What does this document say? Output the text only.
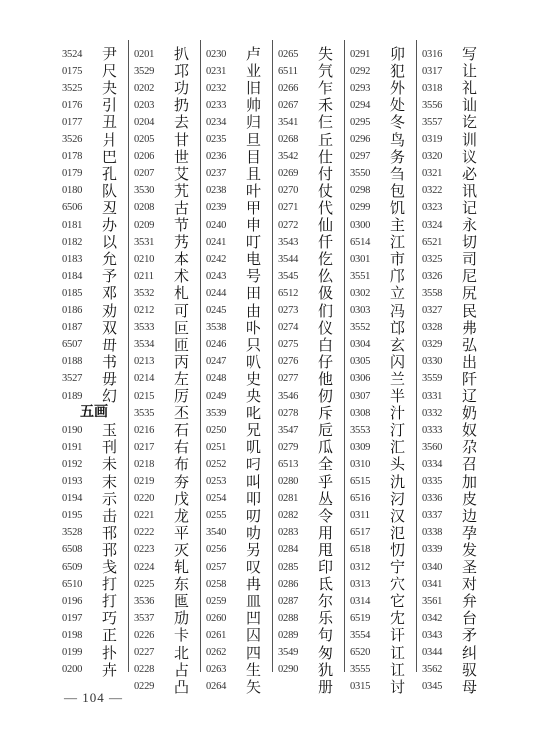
3524	尹
0175	尺
3525	夬
0176	引
0177	丑
3526	爿
0178	巴
0179	孔
0180	队
6506	丒
0181	办
0182	以
0183	允
0184	予
0185	邓
0186	劝
0187	双
6507	毌
0188	书
3527	毋
0189	幻
五画
0190	玉
0191	刊
0192	未
0193	末
0194	示
0195	击
3528	邗
6508	邘
6509	戋
6510	打
0196	打
0197	巧
0198	正
0199	扑
0200	卉
0201	扒
3529	邛
0202	功
0203	扔
0204	去
0205	甘
0206	世
0207	艾
3530	艽
0208	古
0209	节
3531	艿
0210	本
0211	术
3532	札
0212	可
3533	叵
3534	匝
0213	丙
0214	左
0215	厉
3535	丕
0216	石
0217	右
0218	布
0219	夯
0220	戊
0221	龙
0222	平
0223	灭
0224	轧
0225	东
3536	匜
3537	劢
0226	卡
0227	北
0228	占
0229	凸
0230	卢
0231	业
0232	旧
0233	帅
0234	归
0235	旦
0236	目
0237	且
0238	叶
0239	甲
0240	申
0241	叮
0242	电
0243	号
0244	田
0245	由
3538	卟
0246	只
0247	叭
0248	史
0249	央
3539	叱
0250	兄
0251	叽
0252	叼
0253	叫
0254	叩
0255	叨
3540	叻
0256	另
0257	叹
0258	冉
0259	皿
0260	凹
0261	囚
0262	四
0263	生
0264	矢
0265	失
6511	氕
0266	乍
0267	禾
3541	仨
0268	丘
3542	仕
0269	付
0270	仗
0271	代
0272	仙
3543	仟
3544	仡
3545	仫
6512	伋
0273	们
0274	仪
0275	白
0276	仔
0277	他
3546	仞
0278	斥
3547	卮
0279	瓜
6513	全
0280	乎
0281	丛
0282	令
0283	用
0284	甩
0285	印
0286	氐
0287	尔
0288	乐
0289	句
3549	匆
0290	犰
册
0291	卯
0292	犯
0293	外
0294	处
0295	冬
0296	鸟
0297	务
3550	刍
0298	包
0299	饥
0300	主
6514	江
0301	市
3551	邝
0302	立
0303	冯
3552	邙
0304	玄
0305	闪
0306	兰
0307	半
0308	汁
3553	汀
0309	汇
0310	头
6515	氿
6516	汈
0311	汉
6517	氾
6518	忉
0312	宁
0313	穴
0314	它
6519	冘
3554	讦
6520	讧
3555	讧
0315	讨
0316	写
0317	让
0318	礼
3556	讪
3557	讫
0319	训
0320	议
0321	必
0322	讯
0323	记
0324	永
6521	切
0325	司
0326	尼
3558	尻
0327	民
0328	弗
0329	弘
0330	出
3559	阡
0331	辽
0332	奶
0333	奴
3560	尕
0334	召
0335	加
0336	皮
0337	边
0338	孕
0339	发
0340	圣
0341	对
3561	弁
0342	台
0343	矛
0344	纠
3562	驭
0345	母
— 104 —
